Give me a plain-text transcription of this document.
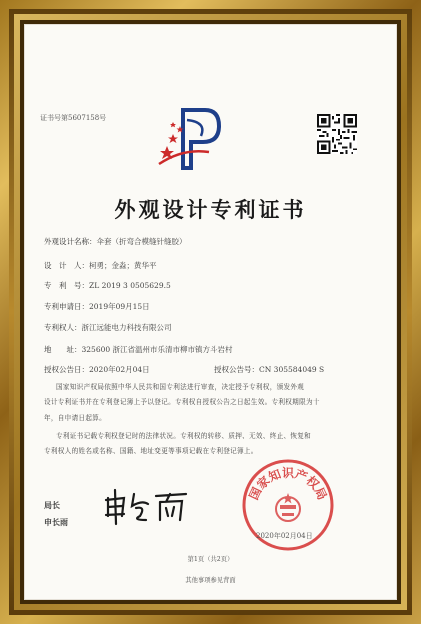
证书号第5607158号
外观设计专利证书
外观设计名称：伞套（折弯合模缝针缝胶）
设　计　人：柯勇；金淼；黄华平
专　利　号：ZL 2019 3 0505629.5
专利申请日：2019年09月15日
专利权人：浙江远能电力科技有限公司
地　　址：325600 浙江省温州市乐清市柳市镇方斗岩村
授权公告日：2020年02月04日	授权公告号：CN 305584049 S
国家知识产权局依照中华人民共和国专利法进行审查，决定授予专利权，颁发外观
设计专利证书并在专利登记簿上予以登记。专利权自授权公告之日起生效。专利权期限为十
年，自申请日起算。
专利证书记载专利权登记时的法律状况。专利权的转移、质押、无效、终止、恢复和
专利权人的姓名或名称、国籍、地址变更等事项记载在专利登记簿上。
局长
申长雨
国家知识产权局
2020年02月04日
第1页（共2页）
其他事项参见背面
